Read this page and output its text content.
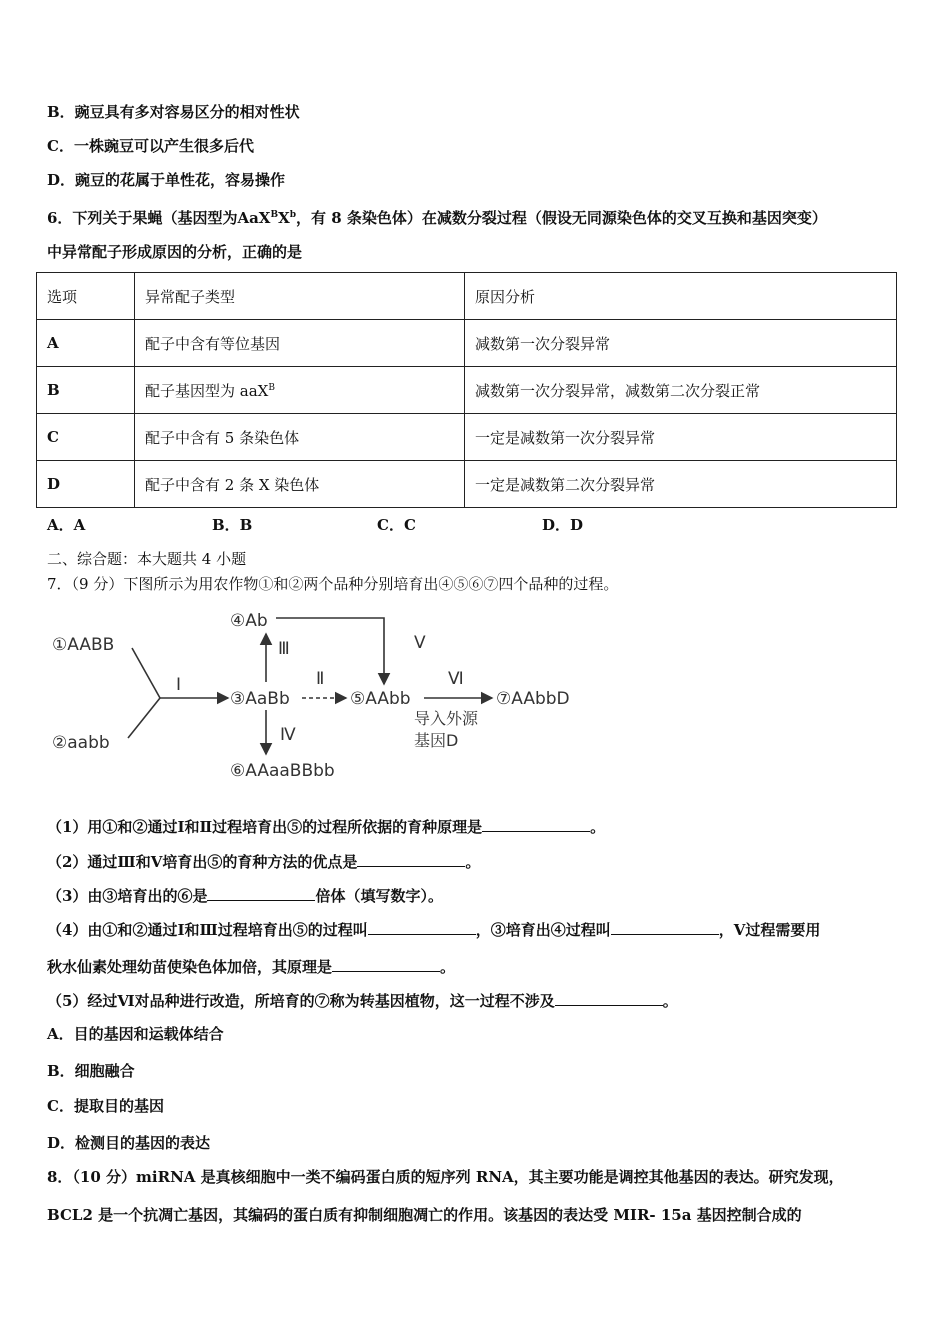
B．豌豆具有多对容易区分的相对性状
C．一株豌豆可以产生很多后代
D．豌豆的花属于单性花，容易操作
6．下列关于果蝇（基因型为$AaX^BX^b$，有 8 条染色体）在减数分裂过程（假设无同源染色体的交叉互换和基因突变）
中异常配子形成原因的分析，正确的是
选项	异常配子类型	原因分析
A	配子中含有等位基因	减数第一次分裂异常
B	配子基因型为 aaX$^B$	减数第一次分裂异常，减数第二次分裂正常
C	配子中含有 5 条染色体	一定是减数第一次分裂异常
D	配子中含有 2 条 X 染色体	一定是减数第二次分裂异常
A．A	B．B	C．C	D．D
二、综合题：本大题共 4 小题
7．（9 分）下图所示为用农作物①和②两个品种分别培育出④⑤⑥⑦四个品种的过程。
①AABB
②aabb
Ⅰ
③AaBb
④Ab
Ⅲ
Ⅳ
⑥AAaaBBbb
Ⅱ
Ⅴ
⑤AAbb
Ⅵ
导入外源
基因D
⑦AAbbD
（1）用①和②通过Ⅰ和Ⅱ过程培育出⑤的过程所依据的育种原理是	。
（2）通过Ⅲ和Ⅴ培育出⑤的育种方法的优点是	。
（3）由③培育出的⑥是	倍体（填写数字）。
（4）由①和②通过Ⅰ和Ⅲ过程培育出⑤的过程叫	，③培育出④过程叫	，Ⅴ过程需要用
秋水仙素处理幼苗使染色体加倍，其原理是	。
（5）经过Ⅵ对品种进行改造，所培育的⑦称为转基因植物，这一过程不涉及	。
A．目的基因和运载体结合
B．细胞融合
C．提取目的基因
D．检测目的基因的表达
8．（10 分）miRNA 是真核细胞中一类不编码蛋白质的短序列 RNA，其主要功能是调控其他基因的表达。研究发现，
BCL2 是一个抗凋亡基因，其编码的蛋白质有抑制细胞凋亡的作用。该基因的表达受 MIR- 15a 基因控制合成的
